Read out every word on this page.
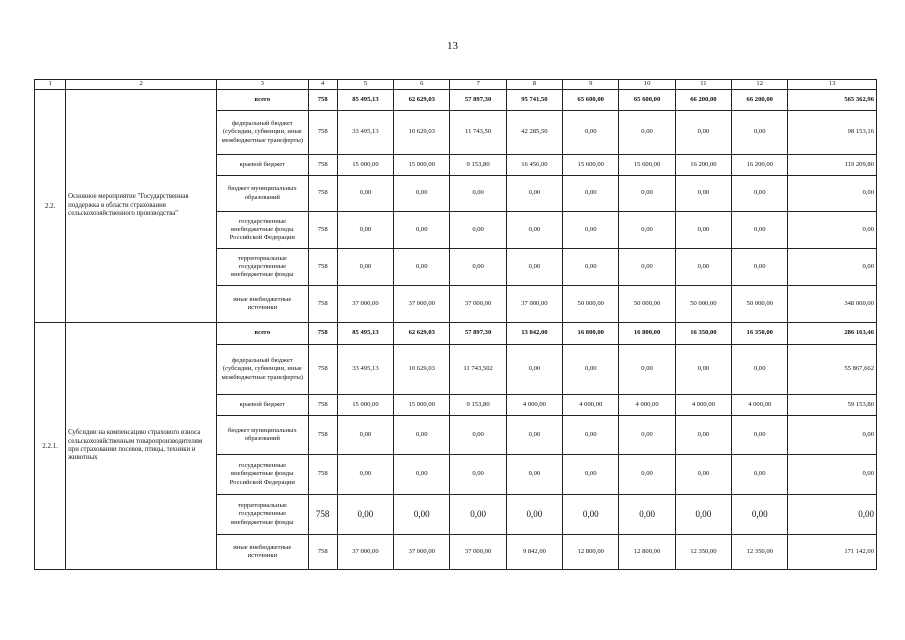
13
1	2	3	4	5	6	7	8	9	10	11	12	13
2.2.	Основное мероприятие "Государственная поддержка в области страхования сельскохозяйственного производства"	всего	758	85 495,13	62 629,03	57 897,30	95 741,50	65 600,00	65 600,00	66 200,00	66 200,00	565 362,96
		федеральный бюджет (субсидии, субвенции, иные межбюджетные трансферты)	758	33 495,13	10 629,03	11 743,50	42 285,50	0,00	0,00	0,00	0,00	98 153,16
		краевой бюджет	758	15 000,00	15 000,00	9 153,80	16 456,00	15 600,00	15 600,00	16 200,00	16 200,00	119 209,80
		бюджет муниципальных образований	758	0,00	0,00	0,00	0,00	0,00	0,00	0,00	0,00	0,00
		государственные внебюджетные фонды Российской Федерации	758	0,00	0,00	0,00	0,00	0,00	0,00	0,00	0,00	0,00
		территориальные государственные внебюджетные фонды	758	0,00	0,00	0,00	0,00	0,00	0,00	0,00	0,00	0,00
		иные внебюджетные источники	758	37 000,00	37 000,00	37 000,00	37 000,00	50 000,00	50 000,00	50 000,00	50 000,00	348 000,00
2.2.1.	Субсидии на компенсацию страхового взноса сельскохозяйственным товаропроизводителям при страховании посевов, птицы, техники и животных	всего	758	85 495,13	62 629,03	57 897,30	13 842,00	16 800,00	16 800,00	16 350,00	16 350,00	286 163,46
		федеральный бюджет (субсидии, субвенции, иные межбюджетные трансферты)	758	33 495,13	10 629,03	11 743,502	0,00	0,00	0,00	0,00	0,00	55 867,662
		краевой бюджет	758	15 000,00	15 000,00	9 153,80	4 000,00	4 000,00	4 000,00	4 000,00	4 000,00	59 153,80
		бюджет муниципальных образований	758	0,00	0,00	0,00	0,00	0,00	0,00	0,00	0,00	0,00
		государственные внебюджетные фонды Российской Федерации	758	0,00	0,00	0,00	0,00	0,00	0,00	0,00	0,00	0,00
		территориальные государственные внебюджетные фонды	758	0,00	0,00	0,00	0,00	0,00	0,00	0,00	0,00	0,00
		иные внебюджетные источники	758	37 000,00	37 000,00	37 000,00	9 842,00	12 800,00	12 800,00	12 350,00	12 350,00	171 142,00
